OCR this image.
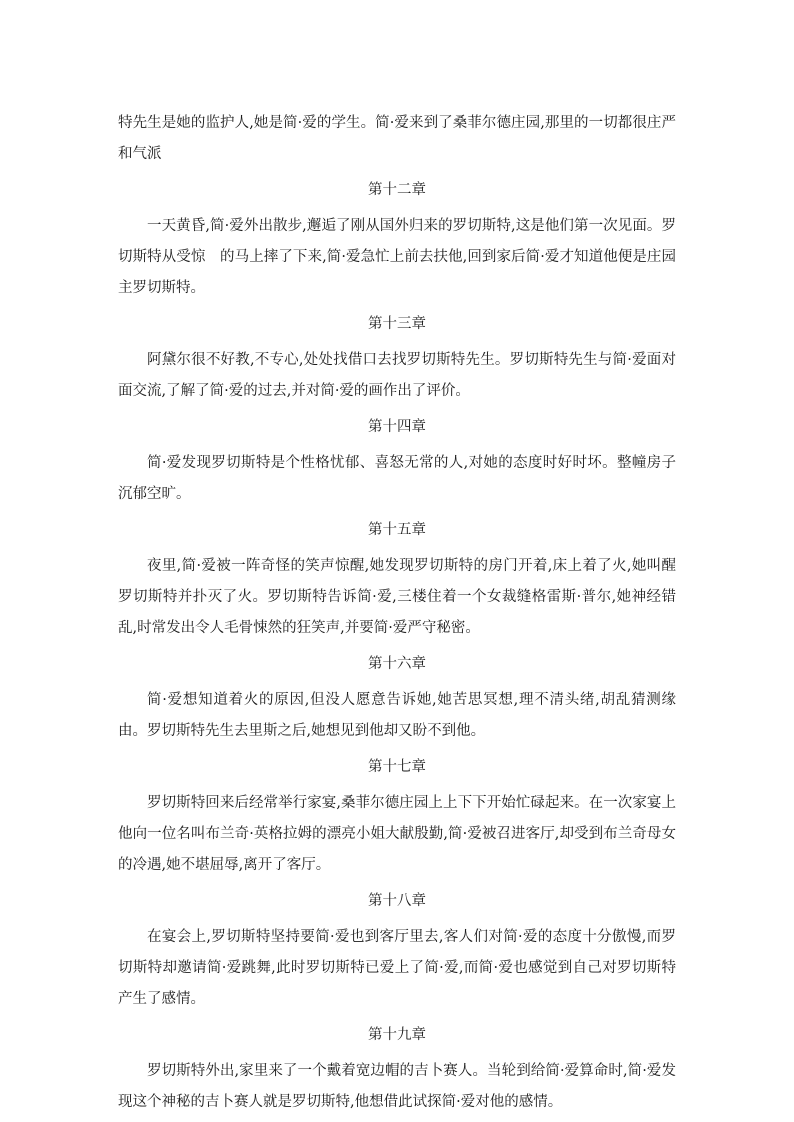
特先生是她的监护人,她是简·爱的学生。简·爱来到了桑菲尔德庄园,那里的一切都很庄严和气派

第十二章

一天黄昏,简·爱外出散步,邂逅了刚从国外归来的罗切斯特,这是他们第一次见面。罗切斯特从受惊　的马上摔了下来,简·爱急忙上前去扶他,回到家后简·爱才知道他便是庄园主罗切斯特。

第十三章

阿黛尔很不好教,不专心,处处找借口去找罗切斯特先生。罗切斯特先生与简·爱面对面交流,了解了简·爱的过去,并对简·爱的画作出了评价。

第十四章

简·爱发现罗切斯特是个性格忧郁、喜怒无常的人,对她的态度时好时坏。整幢房子沉郁空旷。

第十五章

夜里,简·爱被一阵奇怪的笑声惊醒,她发现罗切斯特的房门开着,床上着了火,她叫醒罗切斯特并扑灭了火。罗切斯特告诉简·爱,三楼住着一个女裁缝格雷斯·普尔,她神经错乱,时常发出令人毛骨悚然的狂笑声,并要简·爱严守秘密。

第十六章

简·爱想知道着火的原因,但没人愿意告诉她,她苦思冥想,理不清头绪,胡乱猜测缘由。罗切斯特先生去里斯之后,她想见到他却又盼不到他。

第十七章

罗切斯特回来后经常举行家宴,桑菲尔德庄园上上下下开始忙碌起来。在一次家宴上他向一位名叫布兰奇·英格拉姆的漂亮小姐大献殷勤,简·爱被召进客厅,却受到布兰奇母女的冷遇,她不堪屈辱,离开了客厅。

第十八章

在宴会上,罗切斯特坚持要简·爱也到客厅里去,客人们对简·爱的态度十分傲慢,而罗切斯特却邀请简·爱跳舞,此时罗切斯特已爱上了简·爱,而简·爱也感觉到自己对罗切斯特产生了感情。

第十九章

罗切斯特外出,家里来了一个戴着宽边帽的吉卜赛人。当轮到给简·爱算命时,简·爱发现这个神秘的吉卜赛人就是罗切斯特,他想借此试探简·爱对他的感情。
